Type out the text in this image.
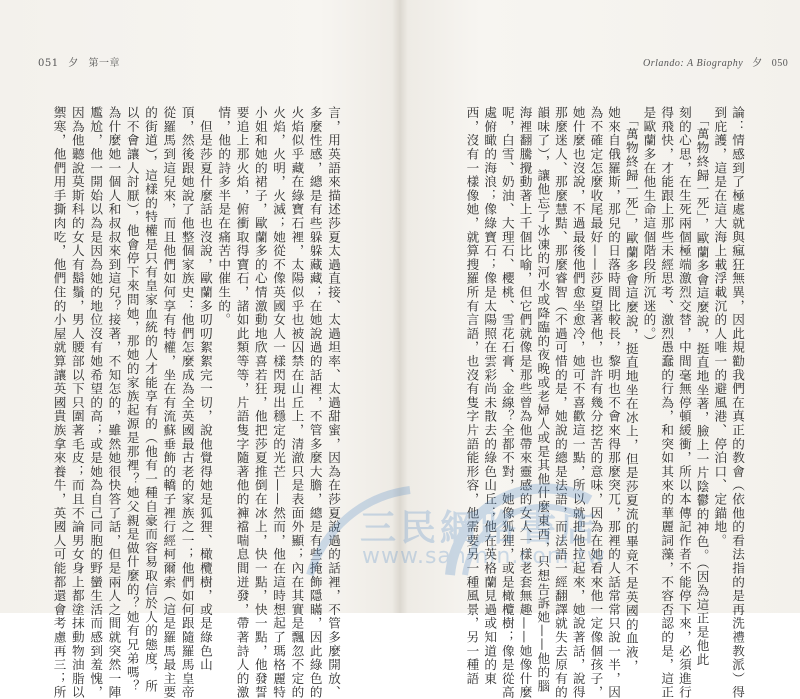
051 夕 第一章	Orlando: A Biography 夕 050
言，用英語來描述莎夏太過直接、太過坦率、太過甜蜜，因為在莎夏說過的話裡，不管多麼開放、
多麼性感，總是有些躲躲藏藏；在她說過的話裡，不管多麼大膽，總是有些掩飾隱瞞，因此綠色的
火焰似乎藏在綠寶石裡，太陽似乎也被囚禁在山丘上，清澈只是表面外顯；內在其實是飄忽不定的
火焰，火明，火滅；她從不像英國女人一樣閃現出穩定的光芒——然而，他在這時想起了瑪格麗特
小姐和她的裙子，歐蘭多的心情激動地欣喜若狂，他把莎夏推倒在冰上，快一點，快一點，他發誓
要追上那火焰，俯衝取得寶石，諸如此類等等，片語隻字隨著他的褲襠喘息間迸發，帶著詩人的激
情，他的詩多半是在痛苦中催生的。
　但是莎夏什麼話也沒說，歐蘭多叨叨絮絮完一切，說他覺得她是狐狸、橄欖樹，或是綠色山
頂，然後跟她說了他整個家族史：他們怎麼成為全英國最古老的家族之一；他們如何跟隨羅馬皇帝
從羅馬到這兒來，而且他們如何享有特權，坐在有流蘇垂飾的轎子裡行經柯爾索（這是羅馬最主要
的街道），這樣的特權是只有皇家血統的人才能享有的（他有一種自豪而容易取信於人的態度，所
以不會讓人討厭），他會停下來問她，那她的家族起源是那裡？她父親是做什麼的？她有兄弟嗎？
為什麼她一個人和叔叔來到這兒？接著，不知怎的，雖然她很快答了話，但是兩人之間就突然一陣
尷尬，他一開始以為是因為她的地位沒有她希望的高；或是她為自己同胞的野蠻生活而感到羞愧，
因為他聽說莫斯科的女人有鬍鬚，男人腰部以下只圍著毛皮；而且不論男女身上都塗抹動物油脂以
禦寒，他們用手撕肉吃，他們住的小屋就算讓英國貴族拿來養牛，英國人可能都還會考慮再三；所	論：情感到了極處就與瘋狂無異，因此規勸我們在真正的教會（依他的看法指的是再洗禮教派）得
到庇護，這是在這大海上載浮載沉的人唯一的避風港、停泊口、定錨地。
　「萬物終歸一死」，歐蘭多會這麼說，挺直地坐著，臉上一片陰鬱的神色。（因為這正是他此
刻的心思，在生死兩個極端激烈交替，中間毫無停頓緩衝，所以本傳記作者不能停下來，必須進行
得飛快，才能跟上那些未經思考、激烈愚蠢的行為，和突如其來的華麗詞藻，不容否認的是，這正
是歐蘭多在他生命這個階段所沉迷的。）
　「萬物終歸一死」，歐蘭多會這麼說，挺直地坐在冰上，但是莎夏流的畢竟不是英國的血液，
她來自俄羅斯，那兒的日落時間比較長，黎明也不會來得那麼突兀，那裡的人話常常只說一半，因
為不確定怎麼收尾最好——莎夏望著他，也許有幾分挖苦的意味，因為在她看來他一定像個孩子，
她什麼也沒說，不過最後他們愈坐愈冷，她可不喜歡這一點，所以就把他拉起來，她說著話，說得
那麼迷人、那麼慧黠、那麼睿智（不過可惜的是，她說的總是法語，而法語一經翻譯就失去原有的
韻味了），讓他忘了冰凍的河水或降臨的夜晚或老婦人或是其他什麼東西，只想告訴她——他的腦
海裡翻騰攪動著上千個比喻，但它們就像是那些曾為他帶來靈感的女人一樣老套無趣——她像什麼
呢，白雪、奶油、大理石、櫻桃、雪花石膏、金線？全都不對，她像狐狸，或是橄欖樹；像是從高
處俯瞰的海浪；像綠寶石；像是太陽照在雲彩尚未散去的綠色山丘；他在英格蘭見過或知道的東
西，沒有一樣像她，就算搜羅所有言語，也沒有隻字片語能形容，他需要另一種風景，另一種語
三民網路書店
www.sanmin.com.tw
